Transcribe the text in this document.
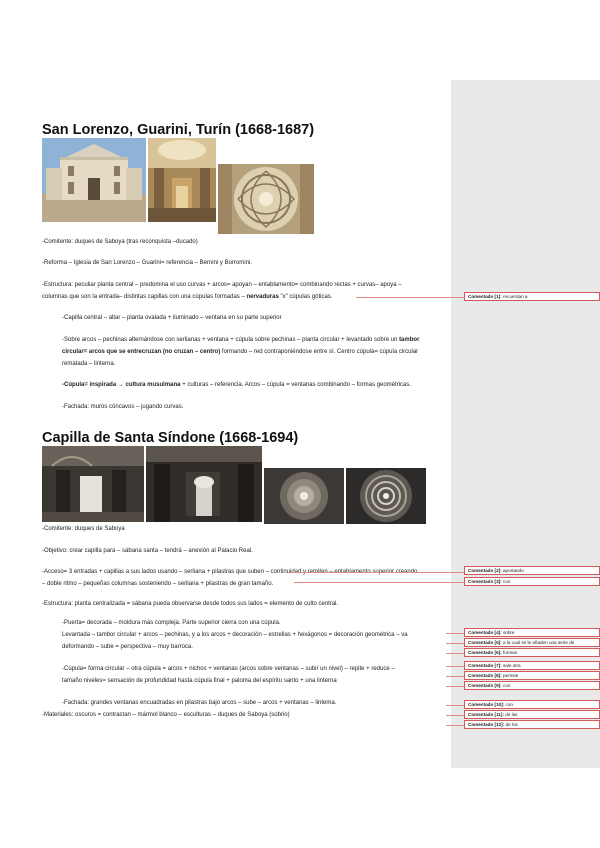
San Lorenzo, Guarini, Turín (1668-1687)
-Comitente: duques de Saboya (tras reconquista –ducado)
-Reforma – Iglesia de San Lorenzo – Guarini= referencia – Bernini y Borromini.
-Estructura: peculiar planta central – predomina el uso curvas + arcos= apoyan – entablamento= combinando rectas + curvas– apoya –
columnas que son la entrada– distintas capillas con una cúpulas formadas – nervaduras "x" cúpulas góticas.
-Capilla central – altar – planta ovalada + iluminado – ventana en su parte superior
-Sobre arcos – pechinas alternándose con serlianas + ventana + cúpula sobre pechinas – planta circular + levantado sobre un tambor
circular= arcos que se entrecruzan (no cruzan – centro) formando – red contraponiéndose entre sí. Centro cúpula= cúpula circular
rematada – linterna.
-Cúpula= inspirada → cultura musulmana + culturas – referencia. Arcos – cúpula = ventanas combinando – formas geométricas.
-Fachada: muros cóncavos – jugando curvas.
Capilla de Santa Síndone (1668-1694)
-Comitente: duques de Saboya
-Objetivo: crear capilla para – sábana santa – tendrá – anexión al Palacio Real.
-Acceso= 3 entradas + capillas a sus lados usando – serliana + pilastras que suben – continuidad y remiten – entablamento superior creando
– doble ritmo – pequeñas columnas sosteniendo – serliana + pilastras de gran tamaño.
-Estructura: planta centralizada = sábana pueda observarse desde todos sus lados = elemento de culto central.
-Puerta= decorada – moldura más compleja. Parte superior cierra con una cúpula.
Levantada – tambor circular + arcos – pechinas, y a los arcos + decoración – estrellas + hexágonos = decoración geométrica – va
deformando – sube = perspectiva – muy barroca.
-Cúpula= forma circular – otra cúpula = arcos + nichos + ventanas (arcos sobre ventanas – subir un nivel) – repite + reduce –
tamaño niveles= sensación de profundidad hasta cúpula final + paloma del espíritu santo + una linterna
-Fachada: grandes ventanas encuadradas en pilastras bajo arcos – sube – arcos + ventanas – lintema.
-Materiales: oscuros = contrastan – mármol blanco – esculturas – duques de Saboya (sobrio)
Comentado [1]: recuerdan a
Comentado [2]: aportando
Comentado [3]: con
Comentado [4]: sobre
Comentado [5]: a la cual se le añaden una serie de
Comentado [6]: forman
Comentado [7]: sale otra
Comentado [8]: permite
Comentado [9]: con
Comentado [10]: con
Comentado [11]: de las
Comentado [12]: de los
